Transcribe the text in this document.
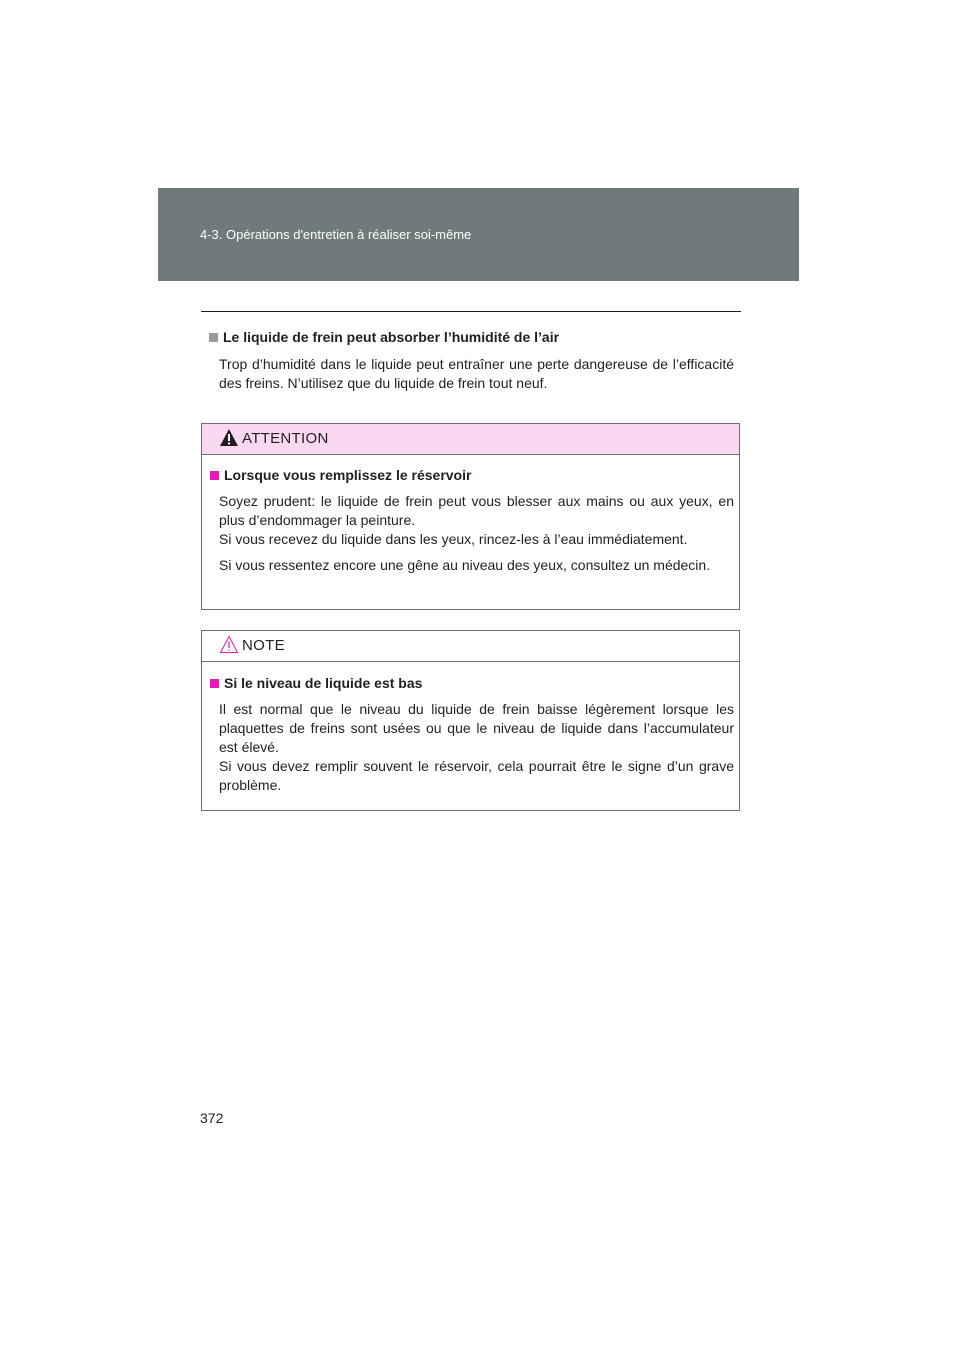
4-3. Opérations d'entretien à réaliser soi-même
Le liquide de frein peut absorber l’humidité de l’air
Trop d’humidité dans le liquide peut entraîner une perte dangereuse de l’efficacité des freins. N’utilisez que du liquide de frein tout neuf.
ATTENTION
Lorsque vous remplissez le réservoir
Soyez prudent: le liquide de frein peut vous blesser aux mains ou aux yeux, en plus d’endommager la peinture.
Si vous recevez du liquide dans les yeux, rincez-les à l’eau immédiatement.
Si vous ressentez encore une gêne au niveau des yeux, consultez un médecin.
NOTE
Si le niveau de liquide est bas
Il est normal que le niveau du liquide de frein baisse légèrement lorsque les plaquettes de freins sont usées ou que le niveau de liquide dans l’accumulateur est élevé.
Si vous devez remplir souvent le réservoir, cela pourrait être le signe d’un grave problème.
372
